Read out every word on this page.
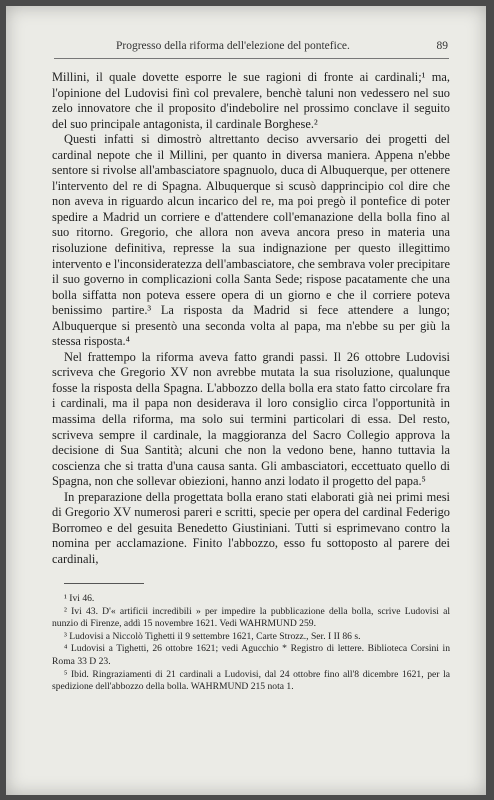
Progresso della riforma dell'elezione del pontefice.	89

Millini, il quale dovette esporre le sue ragioni di fronte ai cardinali;¹ ma, l'opinione del Ludovisi finì col prevalere, benchè taluni non vedessero nel suo zelo innovatore che il proposito d'indebolire nel prossimo conclave il seguito del suo principale antagonista, il cardinale Borghese.²

Questi infatti si dimostrò altrettanto deciso avversario dei progetti del cardinal nepote che il Millini, per quanto in diversa maniera. Appena n'ebbe sentore si rivolse all'ambasciatore spagnuolo, duca di Albuquerque, per ottenere l'intervento del re di Spagna. Albuquerque si scusò dapprincipio col dire che non aveva in riguardo alcun incarico del re, ma poi pregò il pontefice di poter spedire a Madrid un corriere e d'attendere coll'emanazione della bolla fino al suo ritorno. Gregorio, che allora non aveva ancora preso in materia una risoluzione definitiva, represse la sua indignazione per questo illegittimo intervento e l'inconsideratezza dell'ambasciatore, che sembrava voler precipitare il suo governo in complicazioni colla Santa Sede; rispose pacatamente che una bolla siffatta non poteva essere opera di un giorno e che il corriere poteva benissimo partire.³ La risposta da Madrid si fece attendere a lungo; Albuquerque si presentò una seconda volta al papa, ma n'ebbe su per giù la stessa risposta.⁴

Nel frattempo la riforma aveva fatto grandi passi. Il 26 ottobre Ludovisi scriveva che Gregorio XV non avrebbe mutata la sua risoluzione, qualunque fosse la risposta della Spagna. L'abbozzo della bolla era stato fatto circolare fra i cardinali, ma il papa non desiderava il loro consiglio circa l'opportunità in massima della riforma, ma solo sui termini particolari di essa. Del resto, scriveva sempre il cardinale, la maggioranza del Sacro Collegio approva la decisione di Sua Santità; alcuni che non la vedono bene, hanno tuttavia la coscienza che si tratta d'una causa santa. Gli ambasciatori, eccettuato quello di Spagna, non che sollevar obiezioni, hanno anzi lodato il progetto del papa.⁵

In preparazione della progettata bolla erano stati elaborati già nei primi mesi di Gregorio XV numerosi pareri e scritti, specie per opera del cardinal Federigo Borromeo e del gesuita Benedetto Giustiniani. Tutti si esprimevano contro la nomina per acclamazione. Finito l'abbozzo, esso fu sottoposto al parere dei cardinali,

¹ Ivi 46.

² Ivi 43. D'« artificii incredibili » per impedire la pubblicazione della bolla, scrive Ludovisi al nunzio di Firenze, addì 15 novembre 1621. Vedi WAHRMUND 259.

³ Ludovisi a Niccolò Tighetti il 9 settembre 1621, Carte Strozz., Ser. I II 86 s.

⁴ Ludovisi a Tighetti, 26 ottobre 1621; vedi Agucchio * Registro di lettere. Biblioteca Corsini in Roma 33 D 23.

⁵ Ibid. Ringraziamenti di 21 cardinali a Ludovisi, dal 24 ottobre fino all'8 dicembre 1621, per la spedizione dell'abbozzo della bolla. WAHRMUND 215 nota 1.
